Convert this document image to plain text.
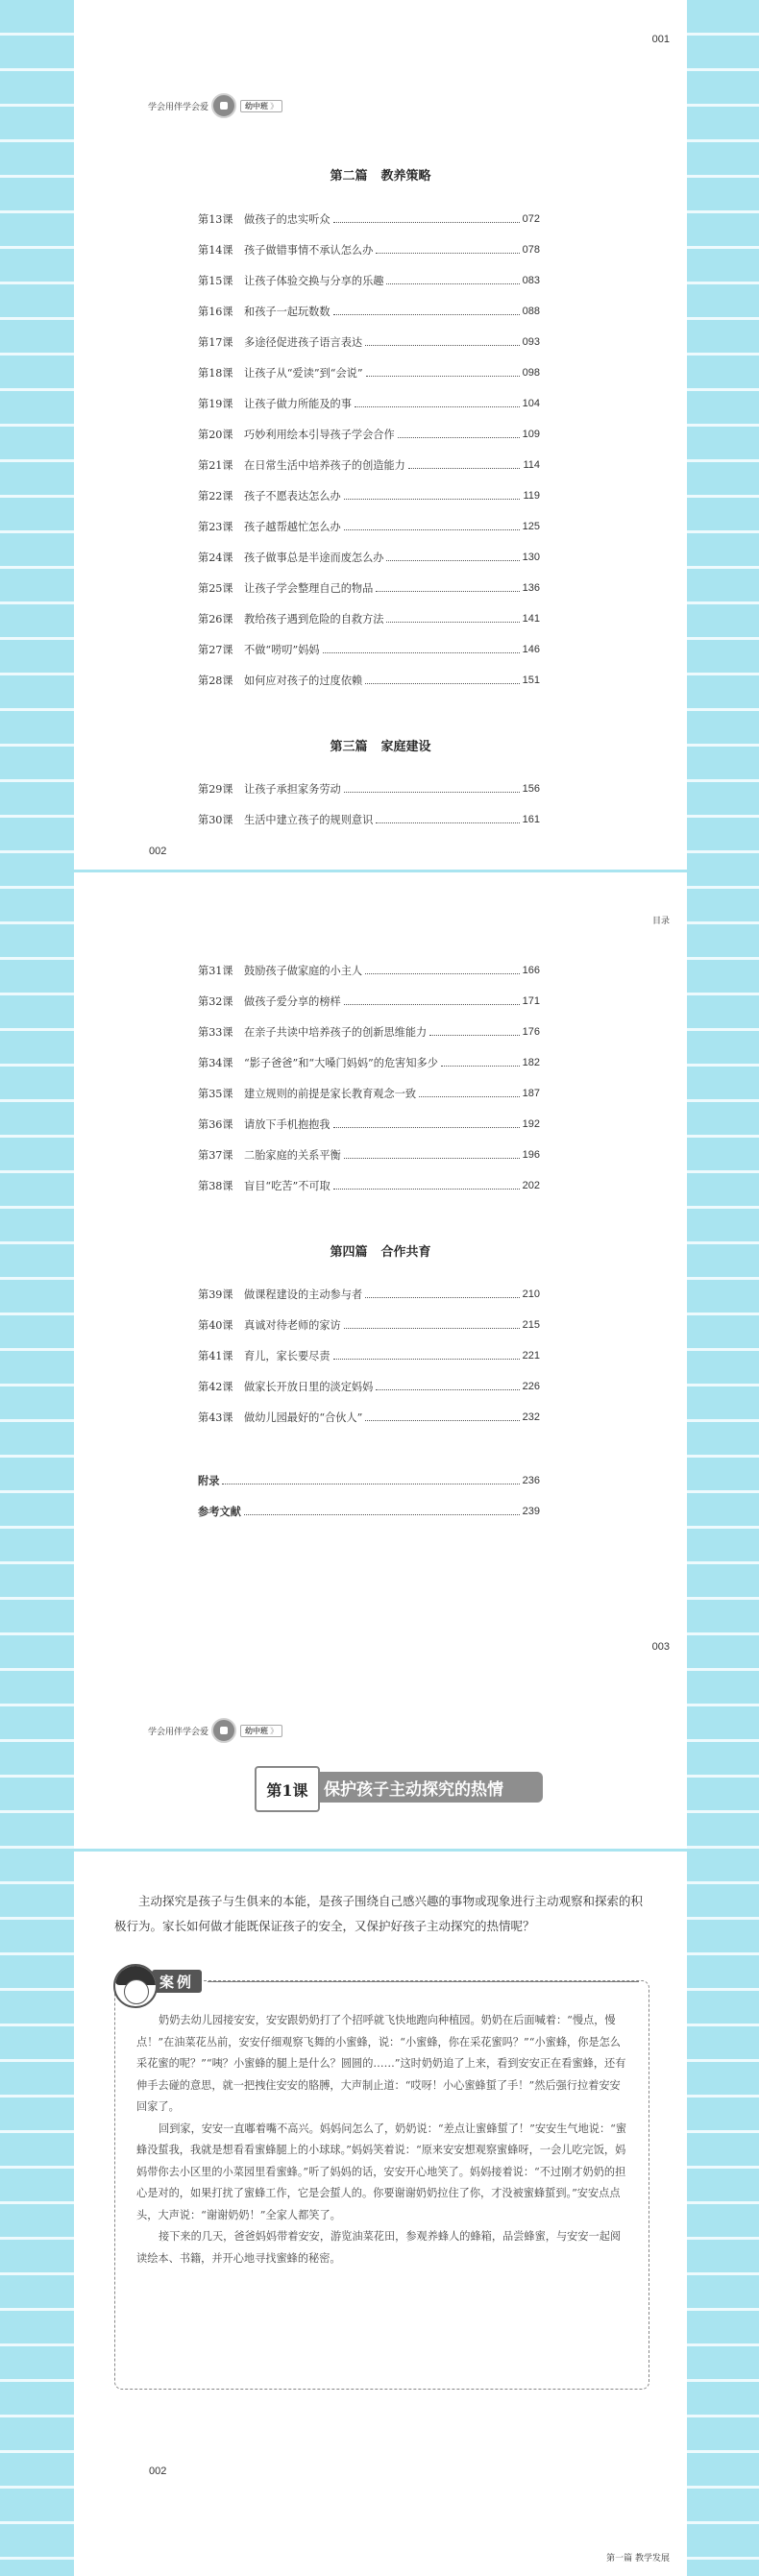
001
学会用伴学会爱	幼中班 》
第二篇 教养策略
第13课	做孩子的忠实听众	072
第14课	孩子做错事情不承认怎么办	078
第15课	让孩子体验交换与分享的乐趣	083
第16课	和孩子一起玩数数	088
第17课	多途径促进孩子语言表达	093
第18课	让孩子从“爱读”到“会说”	098
第19课	让孩子做力所能及的事	104
第20课	巧妙利用绘本引导孩子学会合作	109
第21课	在日常生活中培养孩子的创造能力	114
第22课	孩子不愿表达怎么办	119
第23课	孩子越帮越忙怎么办	125
第24课	孩子做事总是半途而废怎么办	130
第25课	让孩子学会整理自己的物品	136
第26课	教给孩子遇到危险的自救方法	141
第27课	不做“唠叨”妈妈	146
第28课	如何应对孩子的过度依赖	151
第三篇 家庭建设
第29课	让孩子承担家务劳动	156
第30课	生活中建立孩子的规则意识	161
002
目录
第31课	鼓励孩子做家庭的小主人	166
第32课	做孩子爱分享的榜样	171
第33课	在亲子共读中培养孩子的创新思维能力	176
第34课	“影子爸爸”和“大嗓门妈妈”的危害知多少	182
第35课	建立规则的前提是家长教育观念一致	187
第36课	请放下手机抱抱我	192
第37课	二胎家庭的关系平衡	196
第38课	盲目“吃苦”不可取	202
第四篇 合作共育
第39课	做课程建设的主动参与者	210
第40课	真诚对待老师的家访	215
第41课	育儿，家长要尽责	221
第42课	做家长开放日里的淡定妈妈	226
第43课	做幼儿园最好的“合伙人”	232
附录	236
参考文献	239
003
学会用伴学会爱	幼中班 》
第1课 保护孩子主动探究的热情

主动探究是孩子与生俱来的本能，是孩子围绕自己感兴趣的事物或现象进行主动观察和探索的积极行为。家长如何做才能既保证孩子的安全，又保护好孩子主动探究的热情呢？

案例

奶奶去幼儿园接安安，安安跟奶奶打了个招呼就飞快地跑向种植园。奶奶在后面喊着：“慢点，慢点！”在油菜花丛前，安安仔细观察飞舞的小蜜蜂，说：“小蜜蜂，你在采花蜜吗？”“小蜜蜂，你是怎么采花蜜的呢？”“咦？小蜜蜂的腿上是什么？圆圆的……”这时奶奶追了上来，看到安安正在看蜜蜂，还有伸手去碰的意思，就一把拽住安安的胳膊，大声制止道：“哎呀！小心蜜蜂蜇了手！”然后强行拉着安安回家了。

回到家，安安一直嘟着嘴不高兴。妈妈问怎么了，奶奶说：“差点让蜜蜂蜇了！”安安生气地说：“蜜蜂没蜇我，我就是想看看蜜蜂腿上的小球球。”妈妈笑着说：“原来安安想观察蜜蜂呀，一会儿吃完饭，妈妈带你去小区里的小菜园里看蜜蜂。”听了妈妈的话，安安开心地笑了。妈妈接着说：“不过刚才奶奶的担心是对的，如果打扰了蜜蜂工作，它是会蜇人的。你要谢谢奶奶拉住了你，才没被蜜蜂蜇到。”安安点点头，大声说：“谢谢奶奶！”全家人都笑了。

接下来的几天，爸爸妈妈带着安安，游览油菜花田，参观养蜂人的蜂箱，品尝蜂蜜，与安安一起阅读绘本、书籍，并开心地寻找蜜蜂的秘密。

002
第一篇 教学发展
